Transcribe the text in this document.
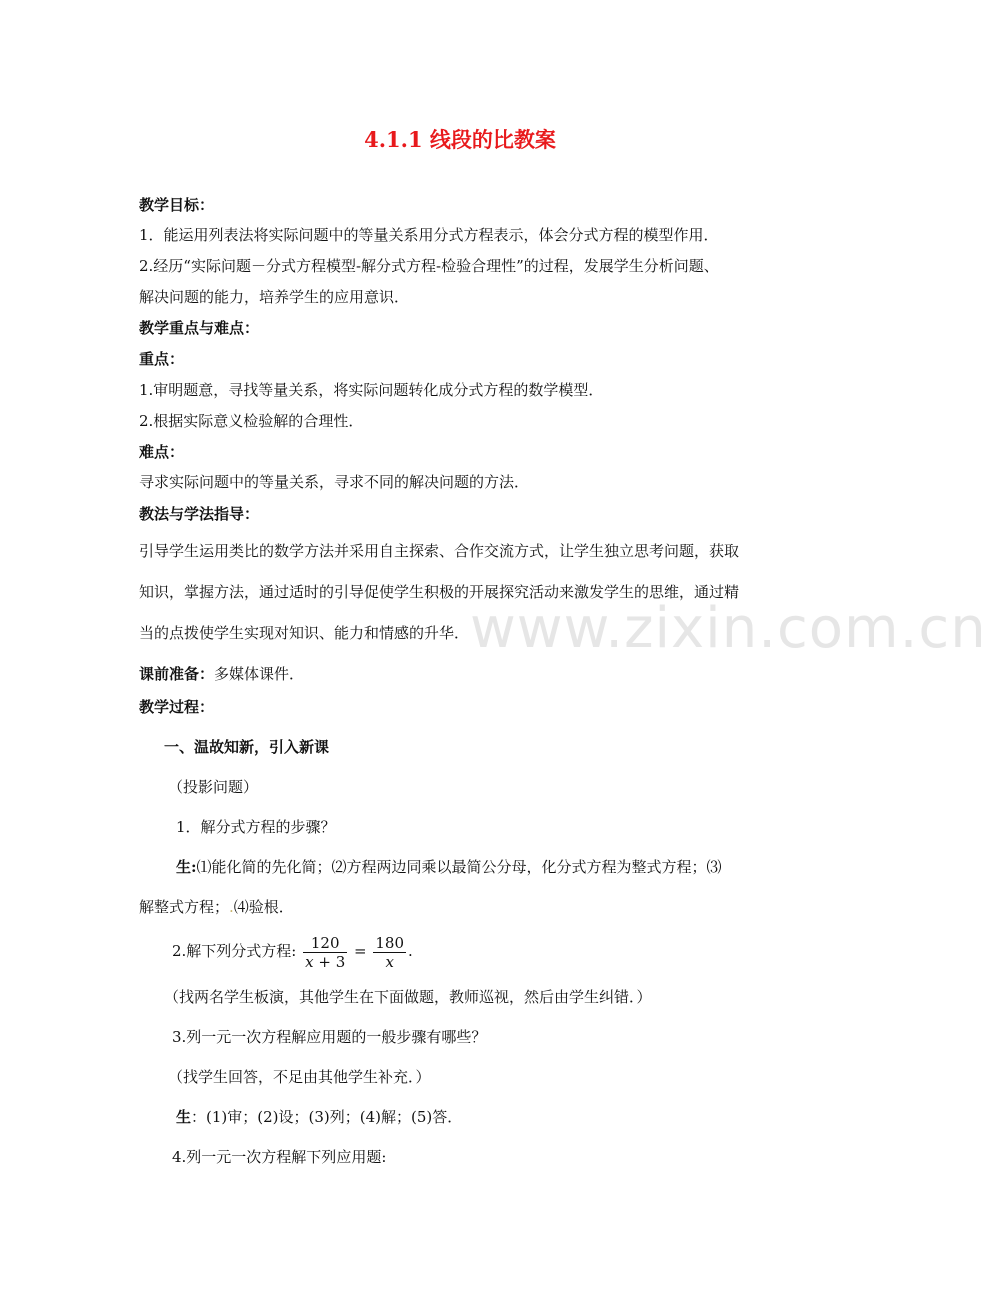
www.zixin.com.cn
4.1.1 线段的比教案
教学目标：
1．能运用列表法将实际问题中的等量关系用分式方程表示，体会分式方程的模型作用．
2.经历“实际问题－分式方程模型-解分式方程-检验合理性”的过程，发展学生分析问题、
解决问题的能力，培养学生的应用意识．
教学重点与难点：
重点：
1.审明题意，寻找等量关系，将实际问题转化成分式方程的数学模型．
2.根据实际意义检验解的合理性．
难点：
寻求实际问题中的等量关系，寻求不同的解决问题的方法．
教法与学法指导：
引导学生运用类比的数学方法并采用自主探索、合作交流方式，让学生独立思考问题，获取
知识，掌握方法，通过适时的引导促使学生积极的开展探究活动来激发学生的思维，通过精
当的点拨使学生实现对知识、能力和情感的升华．
课前准备：多媒体课件．
教学过程：
一、温故知新，引入新课
（投影问题）
1．解分式方程的步骤？
生:⑴能化简的先化简；⑵方程两边同乘以最简公分母，化分式方程为整式方程；⑶
解整式方程；.⑷验根．
2.解下列分式方程: $\frac{120}{x + 3} = \frac{180}{x}$ .
（找两名学生板演，其他学生在下面做题，教师巡视，然后由学生纠错．）
3.列一元一次方程解应用题的一般步骤有哪些？
（找学生回答，不足由其他学生补充．）
生：(1)审；(2)设；(3)列；(4)解；(5)答．
4.列一元一次方程解下列应用题:
